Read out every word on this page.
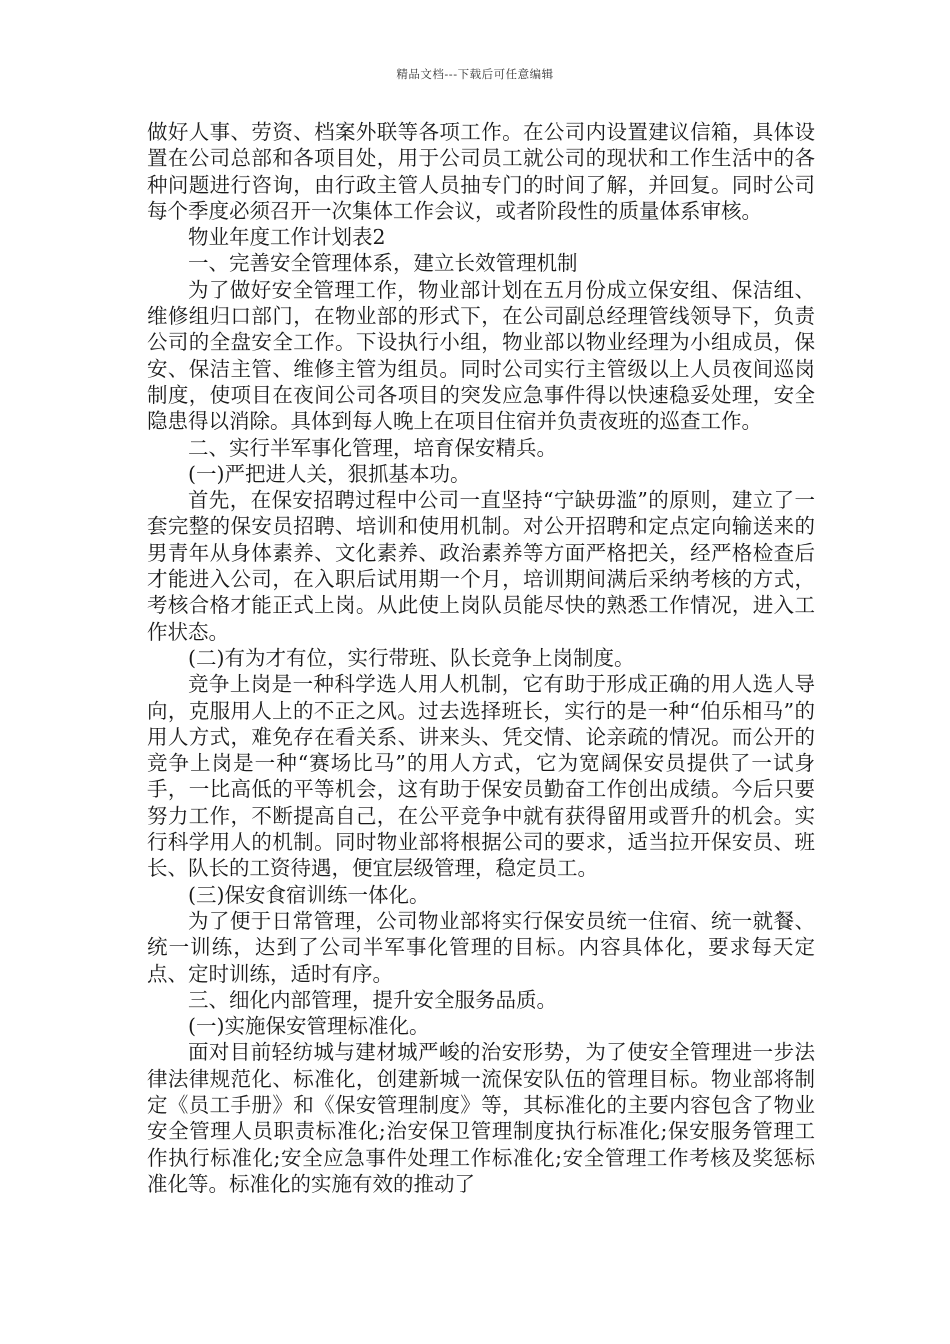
精品文档---下载后可任意编辑

做好人事、劳资、档案外联等各项工作。在公司内设置建议信箱，具体设置在公司总部和各项目处，用于公司员工就公司的现状和工作生活中的各种问题进行咨询，由行政主管人员抽专门的时间了解，并回复。同时公司每个季度必须召开一次集体工作会议，或者阶段性的质量体系审核。

物业年度工作计划表2

一、完善安全管理体系，建立长效管理机制

为了做好安全管理工作，物业部计划在五月份成立保安组、保洁组、维修组归口部门，在物业部的形式下，在公司副总经理管线领导下，负责公司的全盘安全工作。下设执行小组，物业部以物业经理为小组成员，保安、保洁主管、维修主管为组员。同时公司实行主管级以上人员夜间巡岗制度，使项目在夜间公司各项目的突发应急事件得以快速稳妥处理，安全隐患得以消除。具体到每人晚上在项目住宿并负责夜班的巡查工作。

二、实行半军事化管理，培育保安精兵。

(一)严把进人关，狠抓基本功。

首先，在保安招聘过程中公司一直坚持“宁缺毋滥”的原则，建立了一套完整的保安员招聘、培训和使用机制。对公开招聘和定点定向输送来的男青年从身体素养、文化素养、政治素养等方面严格把关，经严格检查后才能进入公司，在入职后试用期一个月，培训期间满后采纳考核的方式，考核合格才能正式上岗。从此使上岗队员能尽快的熟悉工作情况，进入工作状态。

(二)有为才有位，实行带班、队长竞争上岗制度。

竞争上岗是一种科学选人用人机制，它有助于形成正确的用人选人导向，克服用人上的不正之风。过去选择班长，实行的是一种“伯乐相马”的用人方式，难免存在看关系、讲来头、凭交情、论亲疏的情况。而公开的竞争上岗是一种“赛场比马”的用人方式，它为宽阔保安员提供了一试身手，一比高低的平等机会，这有助于保安员勤奋工作创出成绩。今后只要努力工作，不断提高自己，在公平竞争中就有获得留用或晋升的机会。实行科学用人的机制。同时物业部将根据公司的要求，适当拉开保安员、班长、队长的工资待遇，便宜层级管理，稳定员工。

(三)保安食宿训练一体化。

为了便于日常管理，公司物业部将实行保安员统一住宿、统一就餐、统一训练，达到了公司半军事化管理的目标。内容具体化，要求每天定点、定时训练，适时有序。

三、细化内部管理，提升安全服务品质。

(一)实施保安管理标准化。

面对目前轻纺城与建材城严峻的治安形势，为了使安全管理进一步法律法律规范化、标准化，创建新城一流保安队伍的管理目标。物业部将制定《员工手册》和《保安管理制度》等，其标准化的主要内容包含了物业安全管理人员职责标准化;治安保卫管理制度执行标准化;保安服务管理工作执行标准化;安全应急事件处理工作标准化;安全管理工作考核及奖惩标准化等。标准化的实施有效的推动了
